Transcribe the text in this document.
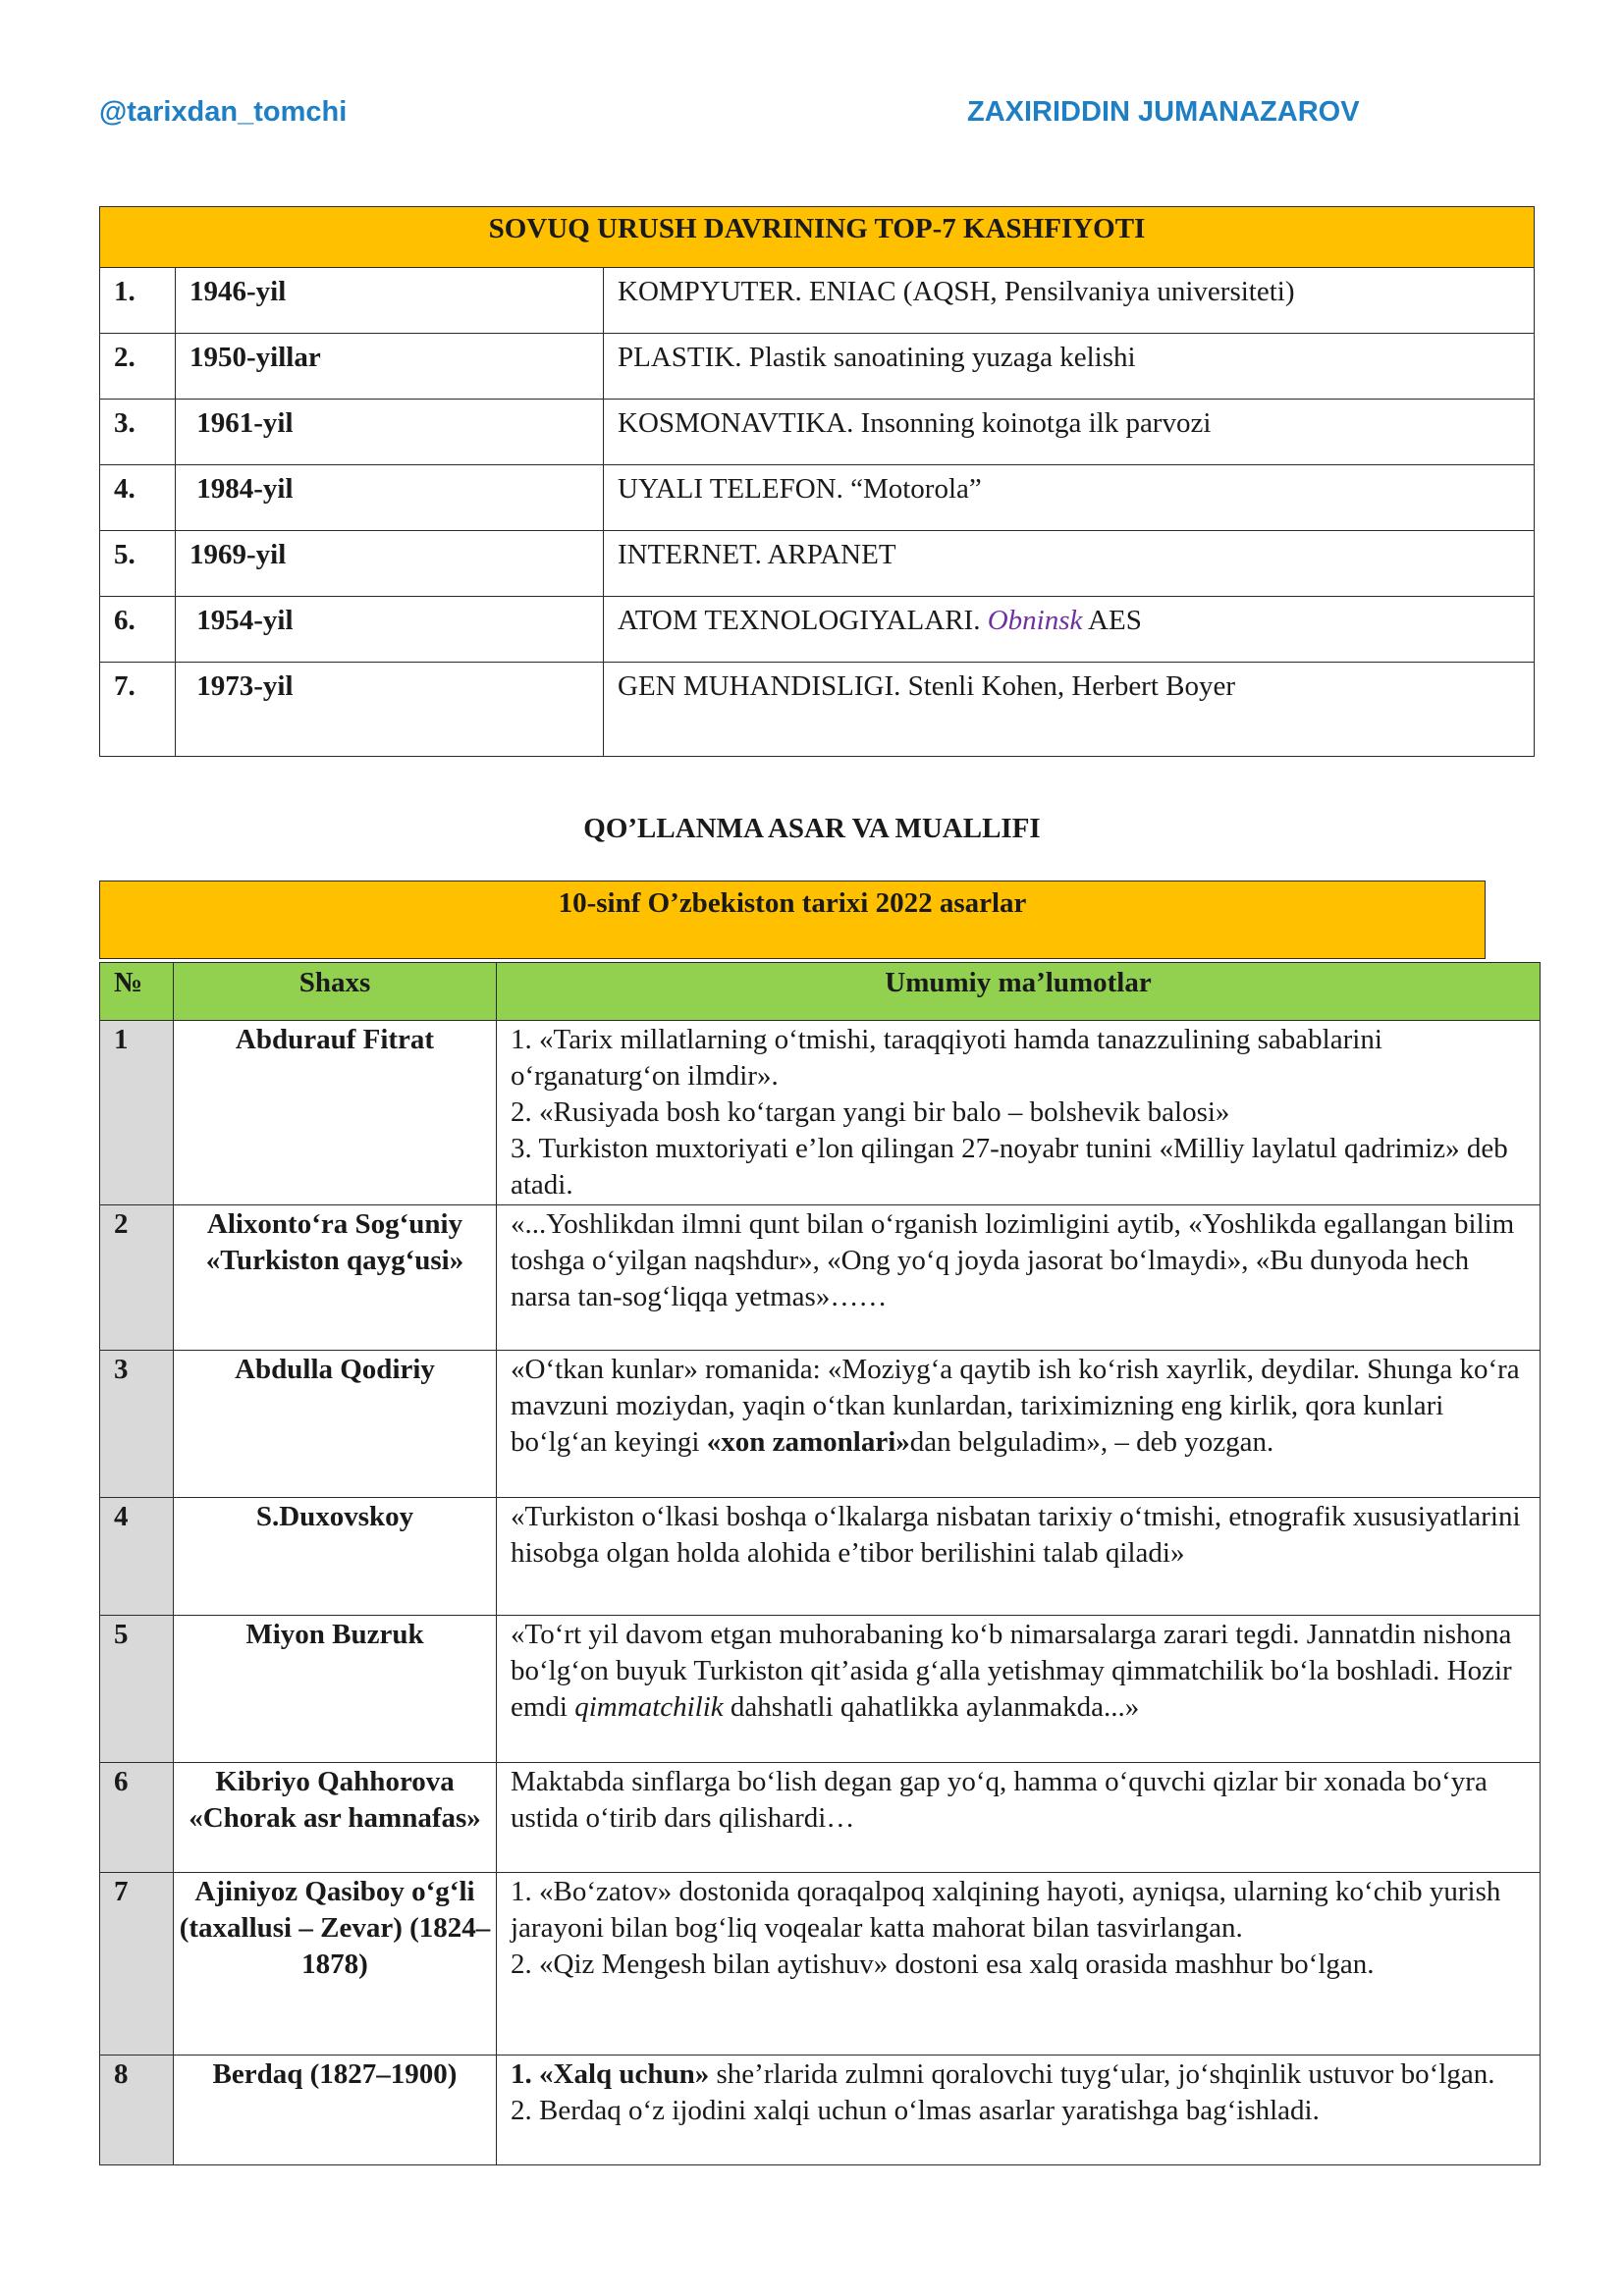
@tarixdan_tomchi	ZAXIRIDDIN JUMANAZAROV
SOVUQ URUSH DAVRINING TOP-7 KASHFIYOTI		
1.	1946-yil	KOMPYUTER. ENIAC (AQSH, Pensilvaniya universiteti)
2.	1950-yillar	PLASTIK. Plastik sanoatining yuzaga kelishi
3.	1961-yil	KOSMONAVTIKA. Insonning koinotga ilk parvozi
4.	1984-yil	UYALI TELEFON. “Motorola”
5.	1969-yil	INTERNET. ARPANET
6.	1954-yil	ATOM TEXNOLOGIYALARI. Obninsk AES
7.	1973-yil	GEN MUHANDISLIGI. Stenli Kohen, Herbert Boyer
QO’LLANMA ASAR VA MUALLIFI
10-sinf O’zbekiston tarixi 2022 asarlar
№	Shaxs	Umumiy ma’lumotlar
1	Abdurauf Fitrat	1. «Tarix millatlarning o‘tmishi, taraqqiyoti hamda tanazzulining sabablarini o‘rganaturg‘on ilmdir».
2. «Rusiyada bosh ko‘targan yangi bir balo – bolshevik balosi»
3. Turkiston muxtoriyati e’lon qilingan 27-noyabr tunini «Milliy laylatul qadrimiz» deb atadi.

2	Alixonto‘ra Sog‘uniy «Turkiston qayg‘usi»	«...Yoshlikdan ilmni qunt bilan o‘rganish lozimligini aytib, «Yoshlikda egallangan bilim toshga o‘yilgan naqshdur», «Ong yo‘q joyda jasorat bo‘lmaydi», «Bu dunyoda hech narsa tan-sog‘liqqa yetmas»……

3	Abdulla Qodiriy	«O‘tkan kunlar» romanida: «Moziyg‘a qaytib ish ko‘rish xayrlik, deydilar. Shunga ko‘ra mavzuni moziydan, yaqin o‘tkan kunlardan, tariximizning eng kirlik, qora kunlari bo‘lg‘an keyingi «xon zamonlari»dan belguladim», – deb yozgan.
4	S.Duxovskoy	«Turkiston o‘lkasi boshqa o‘lkalarga nisbatan tarixiy o‘tmishi, etnografik xususiyatlarini hisobga olgan holda alohida e’tibor berilishini talab qiladi»

5	Miyon Buzruk	«To‘rt yil davom etgan muhorabaning ko‘b nimarsalarga zarari tegdi. Jannatdin nishona bo‘lg‘on buyuk Turkiston qit’asida g‘alla yetishmay qimmatchilik bo‘la boshladi. Hozir emdi qimmatchilik dahshatli qahatlikka aylanmakda...»
6	Kibriyo Qahhorova «Chorak asr hamnafas»	Maktabda sinflarga bo‘lish degan gap yo‘q, hamma o‘quvchi qizlar bir xonada bo‘yra ustida o‘tirib dars qilishardi…

7	Ajiniyoz Qasiboy o‘g‘li (taxallusi – Zevar) (1824–1878)	1. «Bo‘zatov» dostonida qoraqalpoq xalqining hayoti, ayniqsa, ularning ko‘chib yurish jarayoni bilan bog‘liq voqealar katta mahorat bilan tasvirlangan.
2. «Qiz Mengesh bilan aytishuv» dostoni esa xalq orasida mashhur bo‘lgan.

8	Berdaq (1827–1900)	1. «Xalq uchun» she’rlarida zulmni qoralovchi tuyg‘ular, jo‘shqinlik ustuvor bo‘lgan.
2. Berdaq o‘z ijodini xalqi uchun o‘lmas asarlar yaratishga bag‘ishladi.
